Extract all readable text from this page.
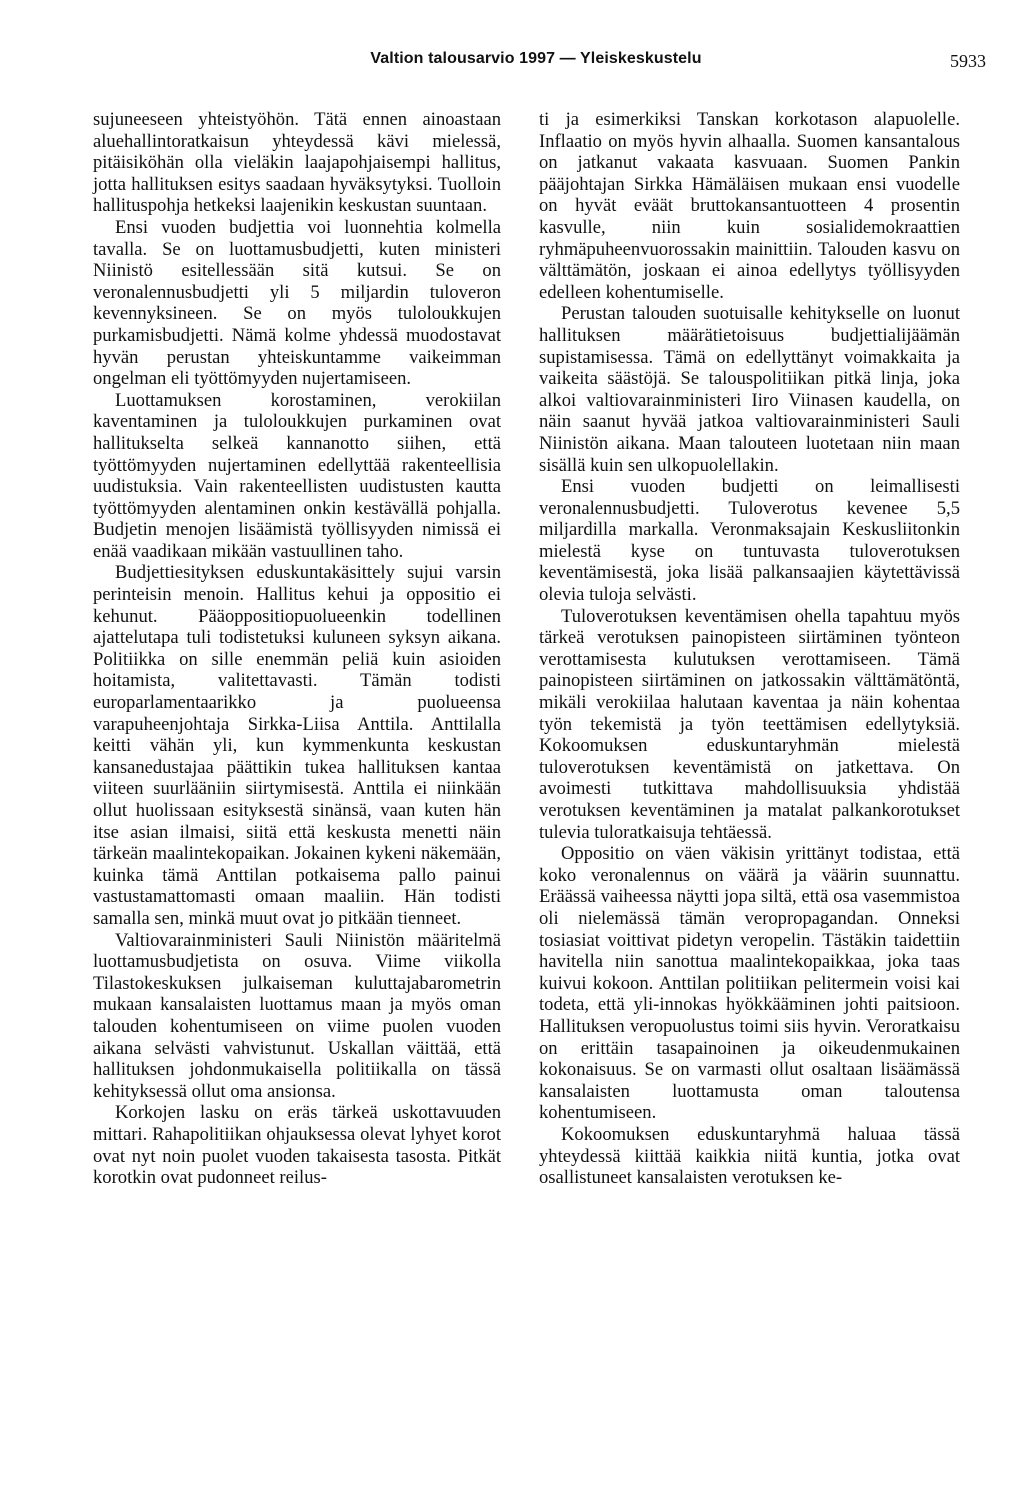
Valtion talousarvio 1997 — Yleiskeskustelu	5933

sujuneeseen yhteistyöhön. Tätä ennen ainoastaan aluehallintoratkaisun yhteydessä kävi mielessä, pitäisiköhän olla vieläkin laajapohjaisempi hallitus, jotta hallituksen esitys saadaan hyväksytyksi. Tuolloin hallituspohja hetkeksi laajenikin keskustan suuntaan.

Ensi vuoden budjettia voi luonnehtia kolmella tavalla. Se on luottamusbudjetti, kuten ministeri Niinistö esitellessään sitä kutsui. Se on veronalennusbudjetti yli 5 miljardin tuloveron kevennyksineen. Se on myös tuloloukkujen purkamisbudjetti. Nämä kolme yhdessä muodostavat hyvän perustan yhteiskuntamme vaikeimman ongelman eli työttömyyden nujertamiseen.

Luottamuksen korostaminen, verokiilan kaventaminen ja tuloloukkujen purkaminen ovat hallitukselta selkeä kannanotto siihen, että työttömyyden nujertaminen edellyttää rakenteellisia uudistuksia. Vain rakenteellisten uudistusten kautta työttömyyden alentaminen onkin kestävällä pohjalla. Budjetin menojen lisäämistä työllisyyden nimissä ei enää vaadikaan mikään vastuullinen taho.

Budjettiesityksen eduskuntakäsittely sujui varsin perinteisin menoin. Hallitus kehui ja oppositio ei kehunut. Pääoppositiopuolueenkin todellinen ajattelutapa tuli todistetuksi kuluneen syksyn aikana. Politiikka on sille enemmän peliä kuin asioiden hoitamista, valitettavasti. Tämän todisti europarlamentaarikko ja puolueensa varapuheenjohtaja Sirkka-Liisa Anttila. Anttilalla keitti vähän yli, kun kymmenkunta keskustan kansanedustajaa päättikin tukea hallituksen kantaa viiteen suurlääniin siirtymisestä. Anttila ei niinkään ollut huolissaan esityksestä sinänsä, vaan kuten hän itse asian ilmaisi, siitä että keskusta menetti näin tärkeän maalintekopaikan. Jokainen kykeni näkemään, kuinka tämä Anttilan potkaisema pallo painui vastustamattomasti omaan maaliin. Hän todisti samalla sen, minkä muut ovat jo pitkään tienneet.

Valtiovarainministeri Sauli Niinistön määritelmä luottamusbudjetista on osuva. Viime viikolla Tilastokeskuksen julkaiseman kuluttajabarometrin mukaan kansalaisten luottamus maan ja myös oman talouden kohentumiseen on viime puolen vuoden aikana selvästi vahvistunut. Uskallan väittää, että hallituksen johdonmukaisella politiikalla on tässä kehityksessä ollut oma ansionsa.

Korkojen lasku on eräs tärkeä uskottavuuden mittari. Rahapolitiikan ohjauksessa olevat lyhyet korot ovat nyt noin puolet vuoden takaisesta tasosta. Pitkät korotkin ovat pudonneet reilus-

ti ja esimerkiksi Tanskan korkotason alapuolelle. Inflaatio on myös hyvin alhaalla. Suomen kansantalous on jatkanut vakaata kasvuaan. Suomen Pankin pääjohtajan Sirkka Hämäläisen mukaan ensi vuodelle on hyvät eväät bruttokansantuotteen 4 prosentin kasvulle, niin kuin sosialidemokraattien ryhmäpuheenvuorossakin mainittiin. Talouden kasvu on välttämätön, joskaan ei ainoa edellytys työllisyyden edelleen kohentumiselle.

Perustan talouden suotuisalle kehitykselle on luonut hallituksen määrätietoisuus budjettialijäämän supistamisessa. Tämä on edellyttänyt voimakkaita ja vaikeita säästöjä. Se talouspolitiikan pitkä linja, joka alkoi valtiovarainministeri Iiro Viinasen kaudella, on näin saanut hyvää jatkoa valtiovarainministeri Sauli Niinistön aikana. Maan talouteen luotetaan niin maan sisällä kuin sen ulkopuolellakin.

Ensi vuoden budjetti on leimallisesti veronalennusbudjetti. Tuloverotus kevenee 5,5 miljardilla markalla. Veronmaksajain Keskusliitonkin mielestä kyse on tuntuvasta tuloverotuksen keventämisestä, joka lisää palkansaajien käytettävissä olevia tuloja selvästi.

Tuloverotuksen keventämisen ohella tapahtuu myös tärkeä verotuksen painopisteen siirtäminen työnteon verottamisesta kulutuksen verottamiseen. Tämä painopisteen siirtäminen on jatkossakin välttämätöntä, mikäli verokiilaa halutaan kaventaa ja näin kohentaa työn tekemistä ja työn teettämisen edellytyksiä. Kokoomuksen eduskuntaryhmän mielestä tuloverotuksen keventämistä on jatkettava. On avoimesti tutkittava mahdollisuuksia yhdistää verotuksen keventäminen ja matalat palkankorotukset tulevia tuloratkaisuja tehtäessä.

Oppositio on väen väkisin yrittänyt todistaa, että koko veronalennus on väärä ja väärin suunnattu. Eräässä vaiheessa näytti jopa siltä, että osa vasemmistoa oli nielemässä tämän veropropagandan. Onneksi tosiasiat voittivat pidetyn veropelin. Tästäkin taidettiin havitella niin sanottua maalintekopaikkaa, joka taas kuivui kokoon. Anttilan politiikan pelitermein voisi kai todeta, että yli-innokas hyökkääminen johti paitsioon. Hallituksen veropuolustus toimi siis hyvin. Veroratkaisu on erittäin tasapainoinen ja oikeudenmukainen kokonaisuus. Se on varmasti ollut osaltaan lisäämässä kansalaisten luottamusta oman taloutensa kohentumiseen.

Kokoomuksen eduskuntaryhmä haluaa tässä yhteydessä kiittää kaikkia niitä kuntia, jotka ovat osallistuneet kansalaisten verotuksen ke-
